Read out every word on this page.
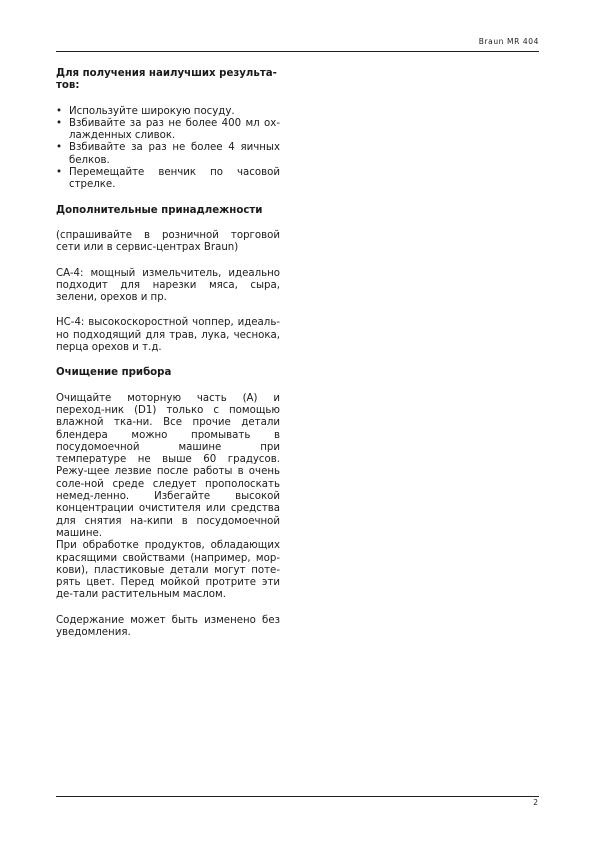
Braun MR 404
Для получения наилучших результа-тов:
• Используйте широкую посуду.
• Взбивайте за раз не более 400 мл ох-лажденных сливок.
• Взбивайте за раз не более 4 яичных белков.
• Перемещайте венчик по часовой стрелке.
Дополнительные принадлежности

(спрашивайте в розничной торговой сети или в сервис-центрах Braun)

CA-4: мощный измельчитель, идеально подходит для нарезки мяса, сыра, зелени, орехов и пр.

HC-4: высокоскоростной чоппер, идеаль-но подходящий для трав, лука, чеснока, перца орехов и т.д.

Очищение прибора

Очищайте моторную часть (A) и переход-ник (D1) только с помощью влажной тка-ни. Все прочие детали блендера можно промывать в посудомоечной машине при температуре не выше 60 градусов. Режу-щее лезвие после работы в очень соле-ной среде следует прополоскать немед-ленно. Избегайте высокой концентрации очистителя или средства для снятия на-кипи в посудомоечной машине.

При обработке продуктов, обладающих красящими свойствами (например, мор-кови), пластиковые детали могут поте-рять цвет. Перед мойкой протрите эти де-тали растительным маслом.

Содержание может быть изменено без уведомления.

2
